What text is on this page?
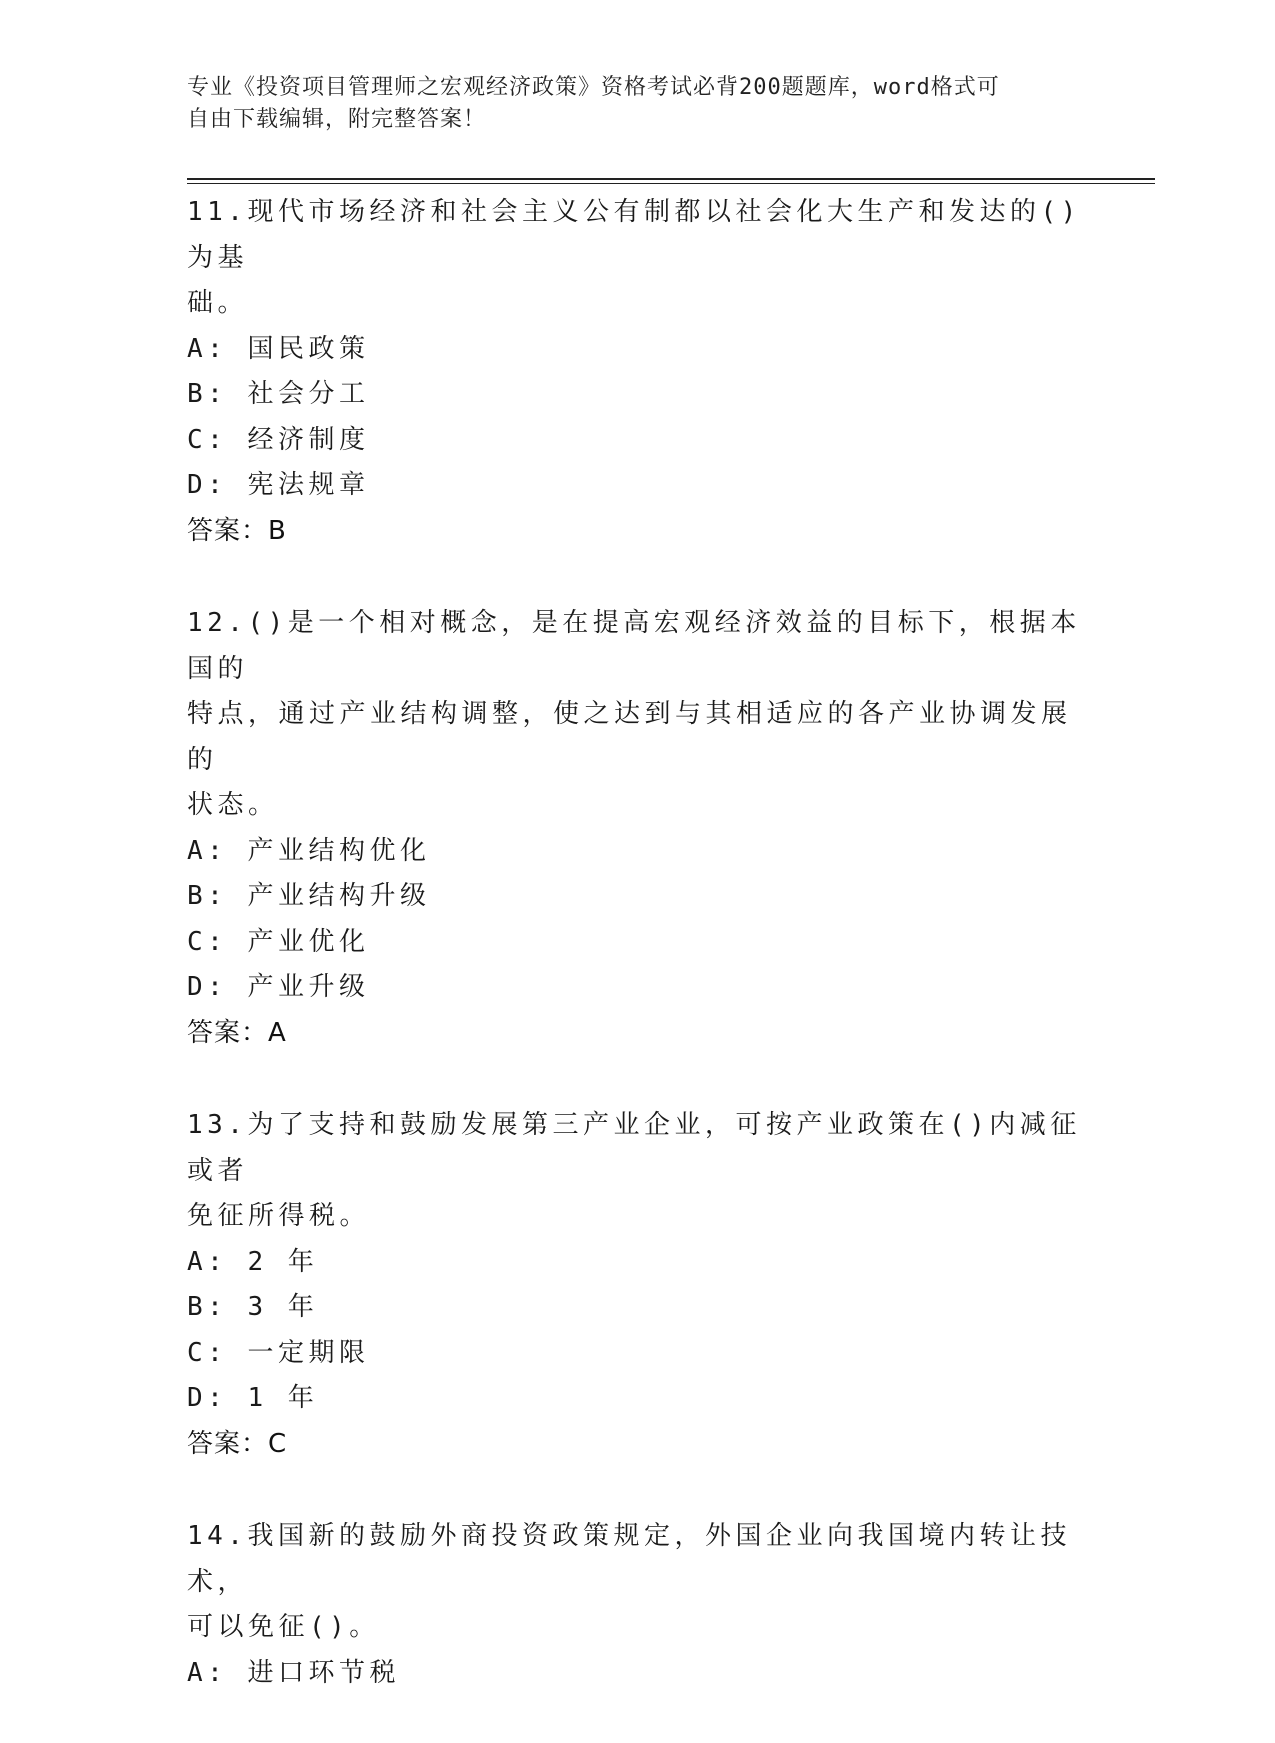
专业《投资项目管理师之宏观经济政策》资格考试必背200题题库，word格式可
自由下载编辑，附完整答案！

11.现代市场经济和社会主义公有制都以社会化大生产和发达的()为基

础。

A: 国民政策

B: 社会分工

C: 经济制度

D: 宪法规章

答案：B

12.()是一个相对概念，是在提高宏观经济效益的目标下，根据本国的

特点，通过产业结构调整，使之达到与其相适应的各产业协调发展的

状态。

A: 产业结构优化

B: 产业结构升级

C: 产业优化

D: 产业升级

答案：A

13.为了支持和鼓励发展第三产业企业，可按产业政策在()内减征或者

免征所得税。

A: 2 年

B: 3 年

C: 一定期限

D: 1 年

答案：C

14.我国新的鼓励外商投资政策规定，外国企业向我国境内转让技术，

可以免征()。

A: 进口环节税
